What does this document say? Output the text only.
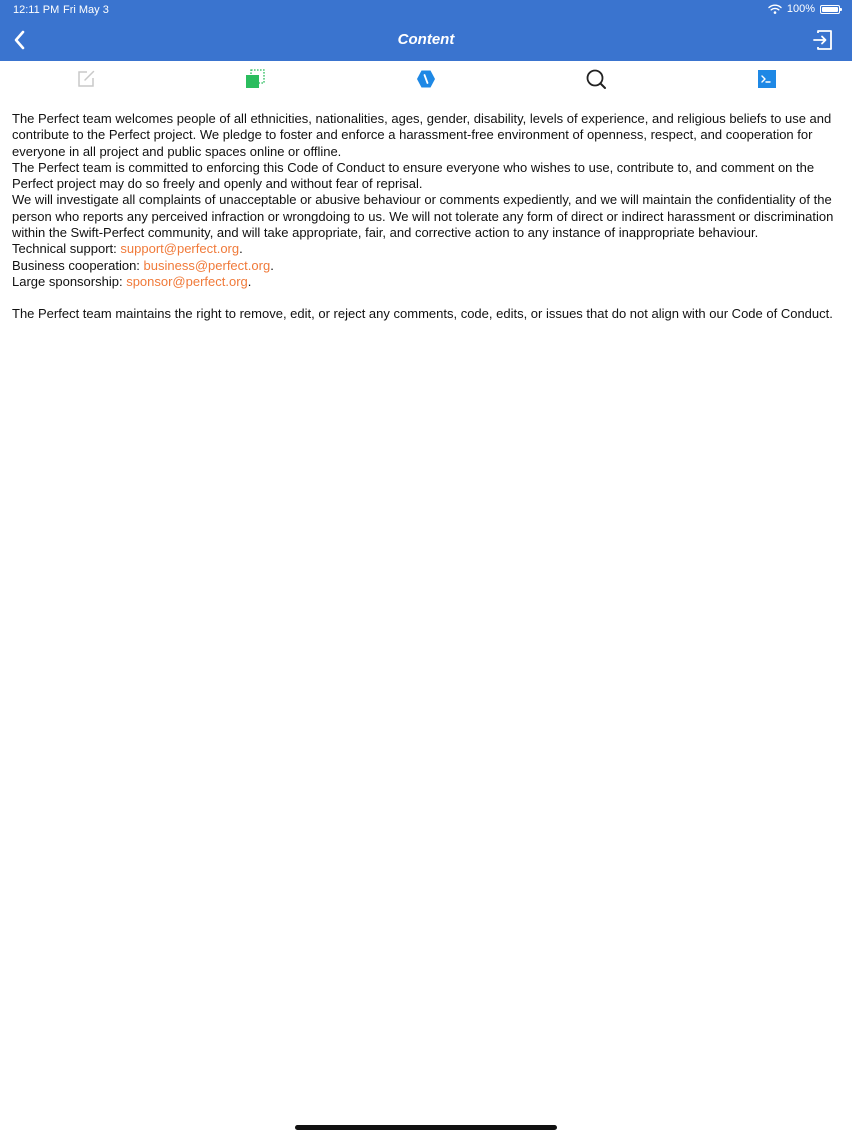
12:11 PM Fri May 3	100%
Content

The Perfect team welcomes people of all ethnicities, nationalities, ages, gender, disability, levels of experience, and religious beliefs to use and contribute to the Perfect project. We pledge to foster and enforce a harassment-free environment of openness, respect, and cooperation for everyone in all project and public spaces online or offline.

The Perfect team is committed to enforcing this Code of Conduct to ensure everyone who wishes to use, contribute to, and comment on the Perfect project may do so freely and openly and without fear of reprisal.

We will investigate all complaints of unacceptable or abusive behaviour or comments expediently, and we will maintain the confidentiality of the person who reports any perceived infraction or wrongdoing to us. We will not tolerate any form of direct or indirect harassment or discrimination within the Swift-Perfect community, and will take appropriate, fair, and corrective action to any instance of inappropriate behaviour.

Technical support: support@perfect.org.

Business cooperation: business@perfect.org.

Large sponsorship: sponsor@perfect.org.

The Perfect team maintains the right to remove, edit, or reject any comments, code, edits, or issues that do not align with our Code of Conduct.
